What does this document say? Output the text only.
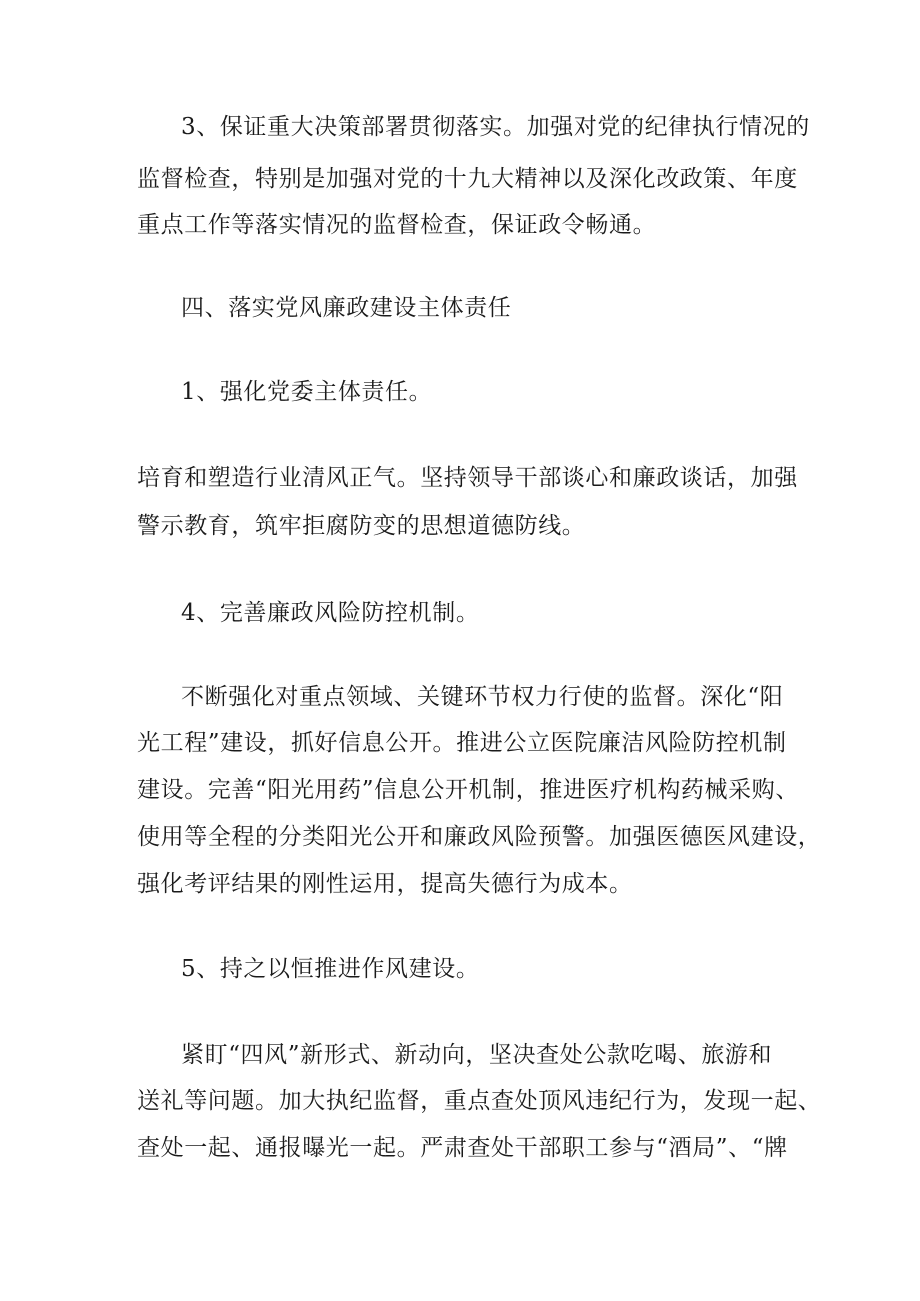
3、保证重大决策部署贯彻落实。加强对党的纪律执行情况的
监督检查，特别是加强对党的十九大精神以及深化改政策、年度
重点工作等落实情况的监督检查，保证政令畅通。
四、落实党风廉政建设主体责任
1、强化党委主体责任。
培育和塑造行业清风正气。坚持领导干部谈心和廉政谈话，加强
警示教育，筑牢拒腐防变的思想道德防线。
4、完善廉政风险防控机制。
不断强化对重点领域、关键环节权力行使的监督。深化“阳
光工程”建设，抓好信息公开。推进公立医院廉洁风险防控机制
建设。完善“阳光用药”信息公开机制，推进医疗机构药械采购、
使用等全程的分类阳光公开和廉政风险预警。加强医德医风建设，
强化考评结果的刚性运用，提高失德行为成本。
5、持之以恒推进作风建设。
紧盯“四风”新形式、新动向，坚决查处公款吃喝、旅游和
送礼等问题。加大执纪监督，重点查处顶风违纪行为，发现一起、
查处一起、通报曝光一起。严肃查处干部职工参与“酒局”、“牌
